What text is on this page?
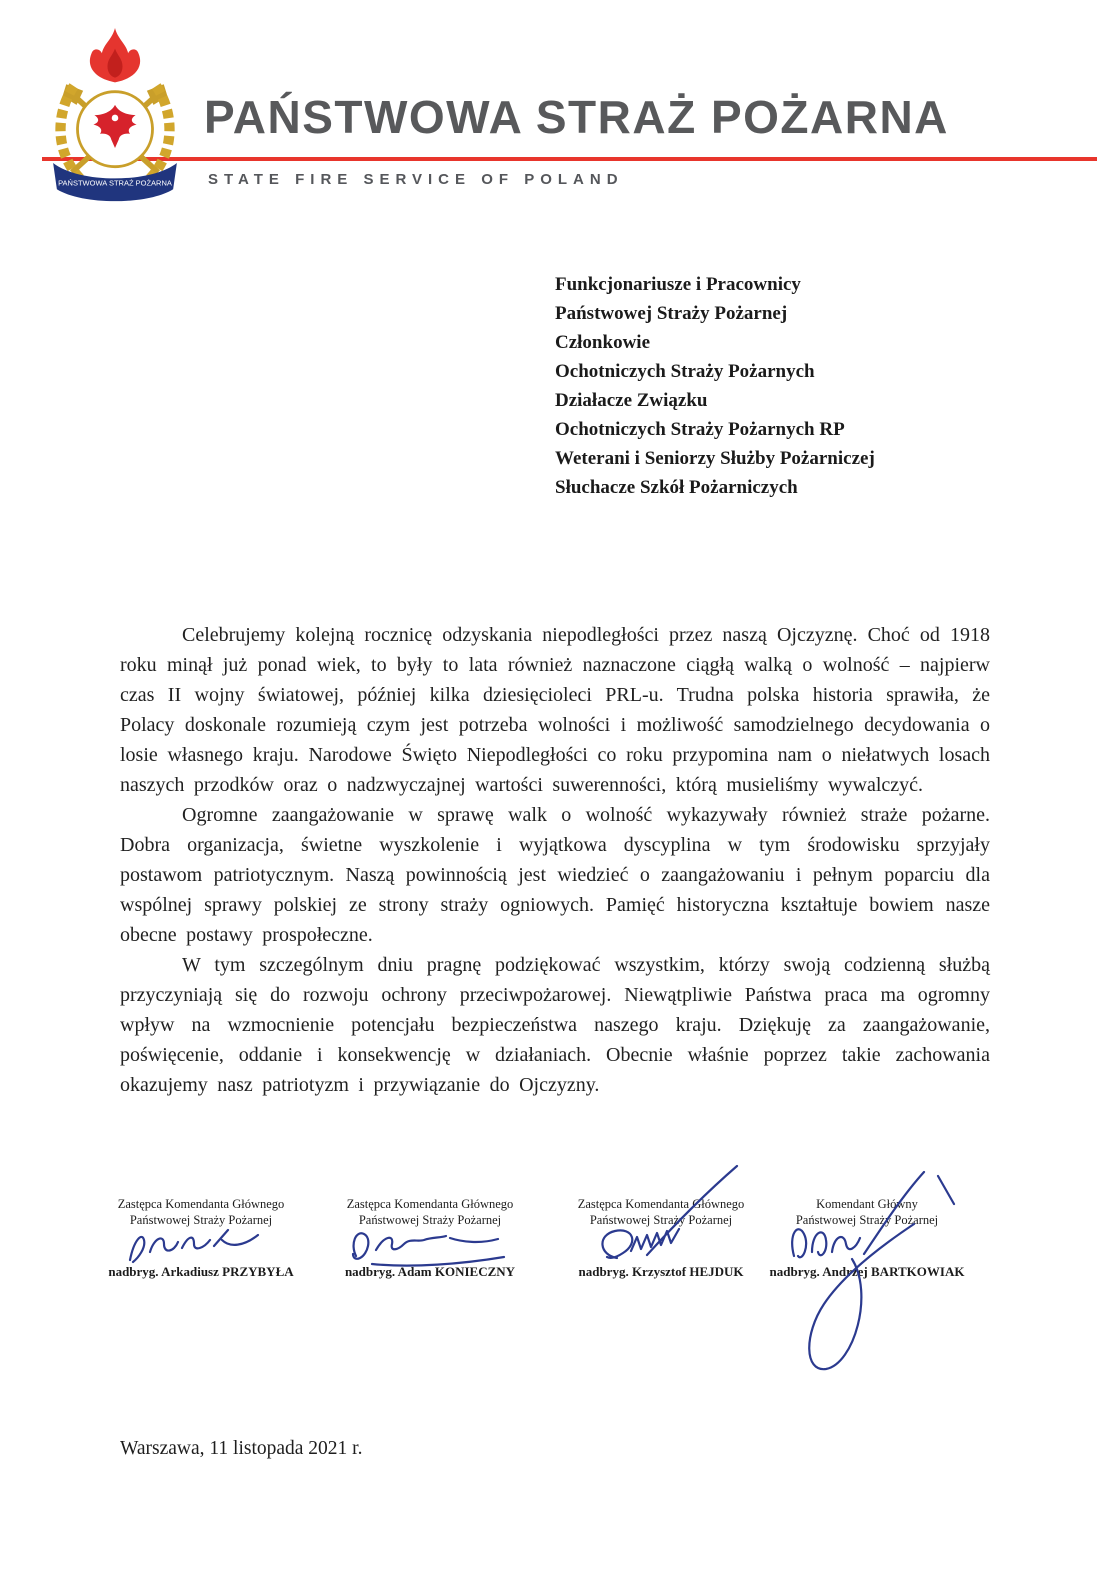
PAŃSTWOWA STRAŻ POŻARNA
PAŃSTWOWA STRAŻ POŻARNA
STATE FIRE SERVICE OF POLAND
Funkcjonariusze i Pracownicy
Państwowej Straży Pożarnej
Członkowie
Ochotniczych Straży Pożarnych
Działacze Związku
Ochotniczych Straży Pożarnych RP
Weterani i Seniorzy Służby Pożarniczej
Słuchacze Szkół Pożarniczych

Celebrujemy kolejną rocznicę odzyskania niepodległości przez naszą Ojczyznę. Choć od 1918 roku minął już ponad wiek, to były to lata również naznaczone ciągłą walką o wolność – najpierw czas II wojny światowej, później kilka dziesięcioleci PRL-u. Trudna polska historia sprawiła, że Polacy doskonale rozumieją czym jest potrzeba wolności i możliwość samodzielnego decydowania o losie własnego kraju. Narodowe Święto Niepodległości co roku przypomina nam o niełatwych losach naszych przodków oraz o nadzwyczajnej wartości suwerenności, którą musieliśmy wywalczyć.

Ogromne zaangażowanie w sprawę walk o wolność wykazywały również straże pożarne. Dobra organizacja, świetne wyszkolenie i wyjątkowa dyscyplina w tym środowisku sprzyjały postawom patriotycznym. Naszą powinnością jest wiedzieć o zaangażowaniu i pełnym poparciu dla wspólnej sprawy polskiej ze strony straży ogniowych. Pamięć historyczna kształtuje bowiem nasze obecne postawy prospołeczne.

W tym szczególnym dniu pragnę podziękować wszystkim, którzy swoją codzienną służbą przyczyniają się do rozwoju ochrony przeciwpożarowej. Niewątpliwie Państwa praca ma ogromny wpływ na wzmocnienie potencjału bezpieczeństwa naszego kraju. Dziękuję za zaangażowanie, poświęcenie, oddanie i konsekwencję w działaniach. Obecnie właśnie poprzez takie zachowania okazujemy nasz patriotyzm i przywiązanie do Ojczyzny.

Zastępca Komendanta Głównego
Państwowej Straży Pożarnej
nadbryg. Arkadiusz PRZYBYŁA
Zastępca Komendanta Głównego
Państwowej Straży Pożarnej
nadbryg. Adam KONIECZNY
Zastępca Komendanta Głównego
Państwowej Straży Pożarnej
nadbryg. Krzysztof HEJDUK
Komendant Główny
Państwowej Straży Pożarnej
nadbryg. Andrzej BARTKOWIAK
Warszawa, 11 listopada 2021 r.
